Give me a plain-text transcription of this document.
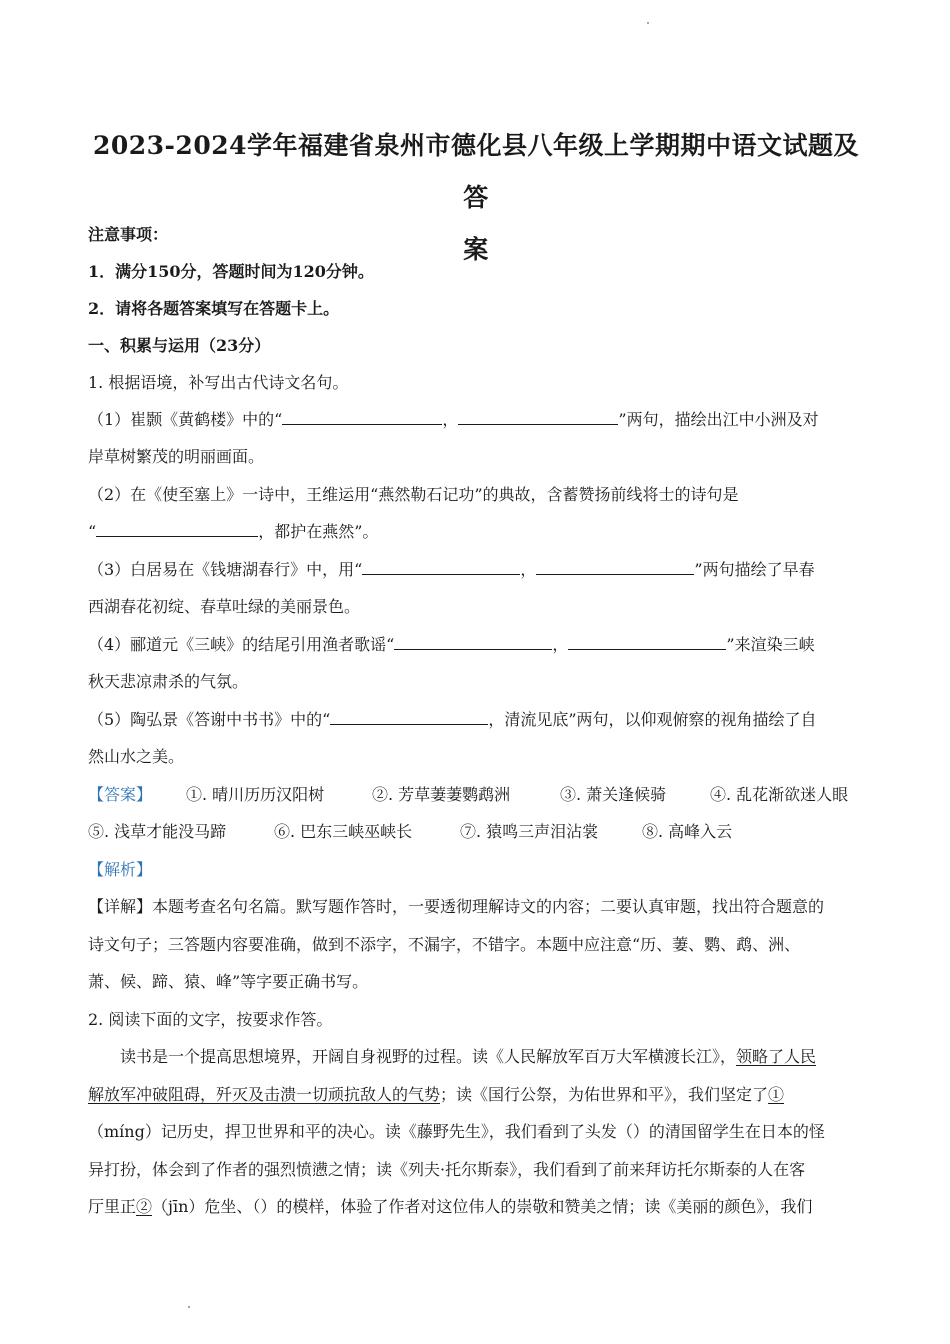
2023-2024学年福建省泉州市德化县八年级上学期期中语文试题及答
案
注意事项：
1．满分150分，答题时间为120分钟。
2．请将各题答案填写在答题卡上。
一、积累与运用（23分）
1. 根据语境，补写出古代诗文名句。
（1）崔颢《黄鹤楼》中的“	，	”两句，描绘出江中小洲及对
岸草树繁茂的明丽画面。
（2）在《使至塞上》一诗中，王维运用“燕然勒石记功”的典故，含蓄赞扬前线将士的诗句是
“	，都护在燕然”。
（3）白居易在《钱塘湖春行》中，用“	，	”两句描绘了早春
西湖春花初绽、春草吐绿的美丽景色。
（4）郦道元《三峡》的结尾引用渔者歌谣“	，	”来渲染三峡
秋天悲凉肃杀的气氛。
（5）陶弘景《答谢中书书》中的“	，清流见底”两句，以仰观俯察的视角描绘了自
然山水之美。
【答案】 ①. 晴川历历汉阳树	②. 芳草萋萋鹦鹉洲	③. 萧关逢候骑	④. 乱花渐欲迷人眼
⑤. 浅草才能没马蹄	⑥. 巴东三峡巫峡长	⑦. 猿鸣三声泪沾裳	⑧. 高峰入云
【解析】
【详解】本题考查名句名篇。默写题作答时，一要透彻理解诗文的内容；二要认真审题，找出符合题意的
诗文句子；三答题内容要准确，做到不添字，不漏字，不错字。本题中应注意“历、萋、鹦、鹉、洲、
萧、候、蹄、猿、峰”等字要正确书写。
2. 阅读下面的文字，按要求作答。
读书是一个提高思想境界，开阔自身视野的过程。读《人民解放军百万大军横渡长江》，领略了人民
解放军冲破阻碍，歼灭及击溃一切顽抗敌人的气势；读《国行公祭，为佑世界和平》，我们坚定了①
（míng）记历史，捍卫世界和平的决心。读《藤野先生》，我们看到了头发（）的清国留学生在日本的怪
异打扮，体会到了作者的强烈愤懑之情；读《列夫·托尔斯泰》，我们看到了前来拜访托尔斯泰的人在客
厅里正②（jīn）危坐、（）的模样，体验了作者对这位伟人的崇敬和赞美之情；读《美丽的颜色》，我们
